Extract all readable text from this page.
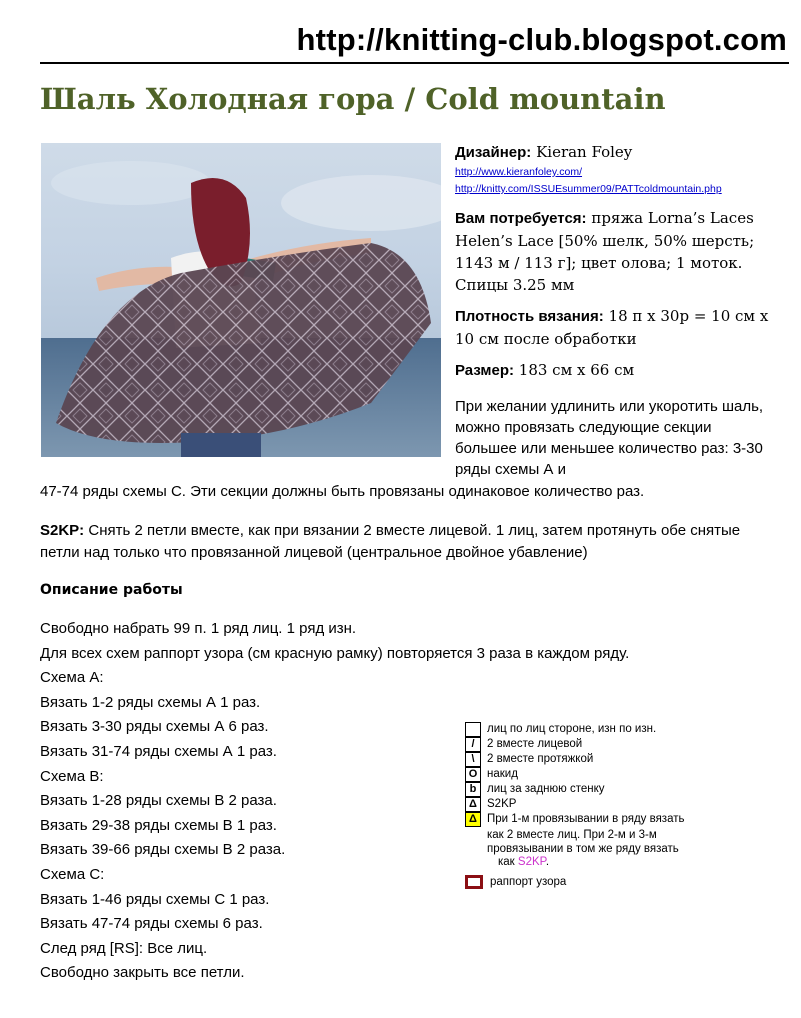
http://knitting-club.blogspot.com
Шаль Холодная гора / Cold mountain

Дизайнер: Kieran Foley

http://www.kieranfoley.com/
http://knitty.com/ISSUEsummer09/PATTcoldmountain.php

Вам потребуется: пряжа Lorna’s Laces Helen’s Lace [50% шелк, 50% шерсть; 1143 м / 113 г]; цвет олова; 1 моток. Спицы 3.25 мм

Плотность вязания: 18 п х 30р = 10 см х 10 см после обработки

Размер: 183 см х 66 см

При желании удлинить или укоротить шаль, можно провязать следующие секции большее или меньшее количество раз: 3-30 ряды схемы А и
47-74 ряды схемы С. Эти секции должны быть провязаны одинаковое количество раз.
S2KP: Снять 2 петли вместе, как при вязании 2 вместе лицевой. 1 лиц, затем протянуть обе снятые петли над только что провязанной лицевой (центральное двойное убавление)
Описание работы
Свободно набрать 99 п. 1 ряд лиц. 1 ряд изн.
Для всех схем раппорт узора (см красную рамку) повторяется 3 раза в каждом ряду.
Схема А:
Вязать 1-2 ряды схемы А 1 раз.
Вязать 3-30 ряды схемы А 6 раз.
Вязать 31-74 ряды схемы А 1 раз.
Схема В:
Вязать 1-28 ряды схемы В 2 раза.
Вязать 29-38 ряды схемы В 1 раз.
Вязать 39-66 ряды схемы В 2 раза.
Схема С:
Вязать 1-46 ряды схемы С 1 раз.
Вязать 47-74 ряды схемы 6 раз.
След ряд [RS]: Все лиц.
Свободно закрыть все петли.
лиц по лиц стороне, изн по изн.
/	2 вместе лицевой
\	2 вместе протяжкой
O накид
b лиц за заднюю стенку
Δ S2KP
Δ При 1-м провязывании в ряду вязать
как 2 вместе лиц. При 2-м и 3-м
провязывании в том же ряду вязать
как S2KP.
раппорт узора
